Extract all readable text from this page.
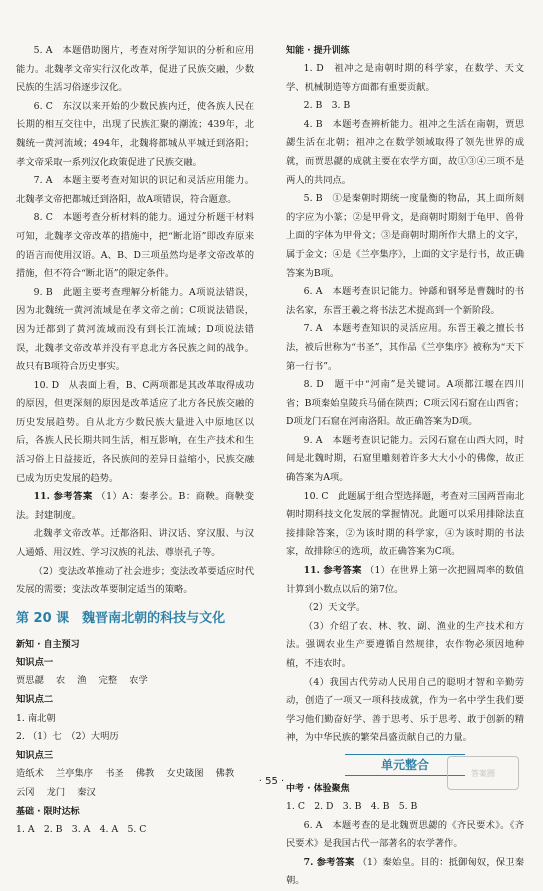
5. A　本题借助图片，考查对所学知识的分析和应用能力。北魏孝文帝实行汉化改革，促进了民族交融，少数民族的生活习俗逐步汉化。

6. C　东汉以来开始的少数民族内迁，使各族人民在长期的相互交往中，出现了民族汇聚的潮流；439年，北魏统一黄河流域；494年，北魏将都城从平城迁到洛阳；孝文帝采取一系列汉化政策促进了民族交融。

7. A　本题主要考查对知识的识记和灵活应用能力。北魏孝文帝把都城迁到洛阳，故A项错误，符合题意。

8. C　本题考查分析材料的能力。通过分析题干材料可知，北魏孝文帝改革的措施中，把“断北语”即改弃原来的语言而使用汉语。A、B、D三项虽然均是孝文帝改革的措施，但不符合“断北语”的限定条件。

9. B　此题主要考查理解分析能力。A项说法错误，因为北魏统一黄河流域是在孝文帝之前；C项说法错误，因为迁都到了黄河流域而没有到长江流域；D项说法错误，北魏孝文帝改革并没有平息北方各民族之间的战争。故只有B项符合历史事实。

10. D　从表面上看，B、C两项都是其改革取得成功的原因，但更深刻的原因是改革适应了北方各民族交融的历史发展趋势。自从北方少数民族大量进入中原地区以后，各族人民长期共同生活，相互影响，在生产技术和生活习俗上日益接近，各民族间的差异日益缩小，民族交融已成为历史发展的趋势。

11. 参考答案 （1）A：秦孝公。B：商鞅。商鞅变法。封建制度。

北魏孝文帝改革。迁都洛阳、讲汉话、穿汉服、与汉人通婚、用汉姓、学习汉族的礼法、尊崇孔子等。

（2）变法改革推动了社会进步；变法改革要适应时代发展的需要；变法改革要制定适当的策略。

第 20 课　魏晋南北朝的科技与文化

新知 · 自主预习

知识点一

贾思勰 农 渔 完整 农学

知识点二

1. 南北朝

2. （1）七　（2）大明历

知识点三

造纸术 兰亭集序 书圣 佛教 女史箴图 佛教
云冈 龙门 秦汉

基础 · 限时达标

1. A　2. B　3. A　4. A　5. C

知能 · 提升训练

1. D　祖冲之是南朝时期的科学家，在数学、天文学、机械制造等方面都有重要贡献。

2. B　3. B

4. B　本题考查辨析能力。祖冲之生活在南朝，贾思勰生活在北朝；祖冲之在数学领域取得了领先世界的成就，而贾思勰的成就主要在农学方面，故①③④三项不是两人的共同点。

5. B　①是秦朝时期统一度量衡的物品，其上面所刻的字应为小篆；②是甲骨文，是商朝时期刻于龟甲、兽骨上面的字体为甲骨文；③是商朝时期所作大鼎上的文字，属于金文；④是《兰亭集序》，上面的文字是行书，故正确答案为B项。

6. A　本题考查识记能力。钟繇和钢琴是曹魏时的书法名家，东晋王羲之将书法艺术提高到一个新阶段。

7. A　本题考查知识的灵活应用。东晋王羲之擅长书法，被后世称为“书圣”，其作品《兰亭集序》被称为“天下第一行书”。

8. D　题干中“河南”是关键词。A项都江堰在四川省；B项秦始皇陵兵马俑在陕西；C项云冈石窟在山西省；D项龙门石窟在河南洛阳。故正确答案为D项。

9. A　本题考查识记能力。云冈石窟在山西大同，时间是北魏时期，石窟里雕刻着许多大大小小的佛像，故正确答案为A项。

10. C　此题属于组合型选择题，考查对三国两晋南北朝时期科技文化发展的掌握情况。此题可以采用排除法直接排除答案，②为该时期的科学家，④为该时期的书法家，故排除④的选项，故正确答案为C项。

11. 参考答案 （1）在世界上第一次把圆周率的数值计算到小数点以后的第7位。

（2）天文学。

（3）介绍了农、林、牧、副、渔业的生产技术和方法。强调农业生产要遵循自然规律，农作物必须因地种植，不违农时。

（4）我国古代劳动人民用自己的聪明才智和辛勤劳动，创造了一项又一项科技成就，作为一名中学生我们要学习他们勤奋好学、善于思考、乐于思考、敢于创新的精神，为中华民族的繁荣昌盛贡献自己的力量。

单元整合

中考 · 体验聚焦

1. C　2. D　3. B　4. B　5. B

6. A　本题考查的是北魏贾思勰的《齐民要术》。《齐民要术》是我国古代一部著名的农学著作。

7. 参考答案 （1）秦始皇。目的：抵御匈奴，保卫秦朝。

· 55 ·
答案圈
